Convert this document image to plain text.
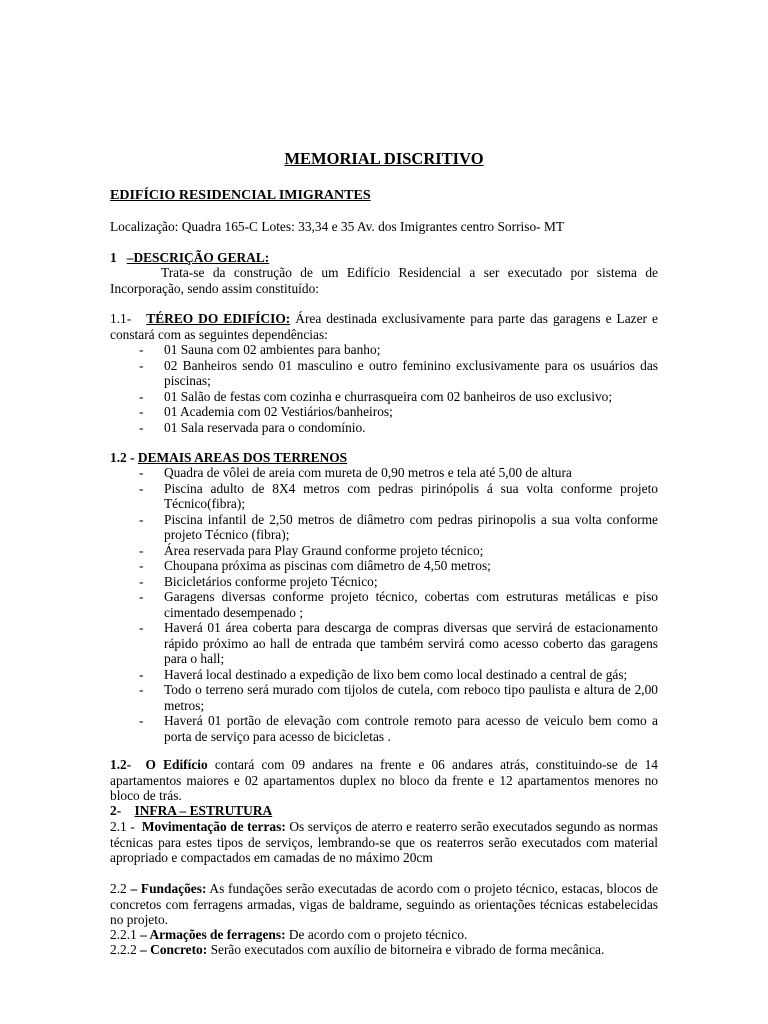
MEMORIAL DISCRITIVO
EDIFÍCIO RESIDENCIAL IMIGRANTES
Localização: Quadra 165-C Lotes: 33,34 e 35 Av. dos Imigrantes centro Sorriso- MT
1 –DESCRIÇÃO GERAL:
Trata-se da construção de um Edifício Residencial a ser executado por sistema de Incorporação, sendo assim constituído:
1.1- TÉREO DO EDIFÍCIO: Área destinada exclusivamente para parte das garagens e Lazer e constará com as seguintes dependências:
- 01 Sauna com 02 ambientes para banho;
- 02 Banheiros sendo 01 masculino e outro feminino exclusivamente para os usuários das piscinas;
- 01 Salão de festas com cozinha e churrasqueira com 02 banheiros de uso exclusivo;
- 01 Academia com 02 Vestiários/banheiros;
- 01 Sala reservada para o condomínio.
1.2 - DEMAIS AREAS DOS TERRENOS
- Quadra de vôlei de areia com mureta de 0,90 metros e tela até 5,00 de altura
- Piscina adulto de 8X4 metros com pedras pirinópolis á sua volta conforme projeto Técnico(fibra);
- Piscina infantil de 2,50 metros de diâmetro com pedras pirinopolis a sua volta conforme projeto Técnico (fibra);
- Área reservada para Play Graund conforme projeto técnico;
- Choupana próxima as piscinas com diâmetro de 4,50 metros;
- Bicicletários conforme projeto Técnico;
- Garagens diversas conforme projeto técnico, cobertas com estruturas metálicas e piso cimentado desempenado ;
- Haverá 01 área coberta para descarga de compras diversas que servirá de estacionamento rápido próximo ao hall de entrada que também servirá como acesso coberto das garagens para o hall;
- Haverá local destinado a expedição de lixo bem como local destinado a central de gás;
- Todo o terreno será murado com tijolos de cutela, com reboco tipo paulista e altura de 2,00 metros;
- Haverá 01 portão de elevação com controle remoto para acesso de veiculo bem como a porta de serviço para acesso de bicicletas .
1.2- O Edifício contará com 09 andares na frente e 06 andares atrás, constituindo-se de 14 apartamentos maiores e 02 apartamentos duplex no bloco da frente e 12 apartamentos menores no bloco de trás.
2- INFRA – ESTRUTURA
2.1 - Movimentação de terras: Os serviços de aterro e reaterro serão executados segundo as normas técnicas para estes tipos de serviços, lembrando-se que os reaterros serão executados com material apropriado e compactados em camadas de no máximo 20cm
2.2 – Fundações: As fundações serão executadas de acordo com o projeto técnico, estacas, blocos de concretos com ferragens armadas, vigas de baldrame, seguindo as orientações técnicas estabelecidas no projeto.
2.2.1 – Armações de ferragens: De acordo com o projeto técnico.
2.2.2 – Concreto: Serão executados com auxílio de bitorneira e vibrado de forma mecânica.
